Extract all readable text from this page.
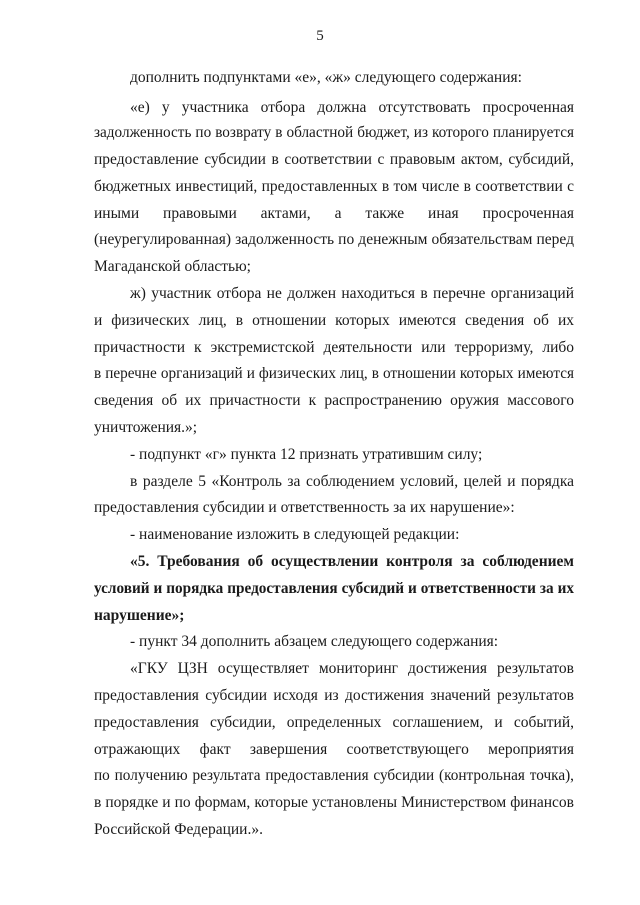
5
дополнить подпунктами «е», «ж» следующего содержания:
«е) у участника отбора должна отсутствовать просроченная
задолженность по возврату в областной бюджет, из которого планируется
предоставление субсидии в соответствии с правовым актом, субсидий,
бюджетных инвестиций, предоставленных в том числе в соответствии с
иными правовыми актами, а также иная просроченная
(неурегулированная) задолженность по денежным обязательствам перед
Магаданской областью;
ж) участник отбора не должен находиться в перечне организаций
и физических лиц, в отношении которых имеются сведения об их
причастности к экстремистской деятельности или терроризму, либо
в перечне организаций и физических лиц, в отношении которых имеются
сведения об их причастности к распространению оружия массового
уничтожения.»;
- подпункт «г» пункта 12 признать утратившим силу;
в разделе 5 «Контроль за соблюдением условий, целей и порядка
предоставления субсидии и ответственность за их нарушение»:
- наименование изложить в следующей редакции:
«5. Требования об осуществлении контроля за соблюдением
условий и порядка предоставления субсидий и ответственности за их
нарушение»;
- пункт 34 дополнить абзацем следующего содержания:
«ГКУ ЦЗН осуществляет мониторинг достижения результатов
предоставления субсидии исходя из достижения значений результатов
предоставления субсидии, определенных соглашением, и событий,
отражающих факт завершения соответствующего мероприятия
по получению результата предоставления субсидии (контрольная точка),
в порядке и по формам, которые установлены Министерством финансов
Российской Федерации.».
